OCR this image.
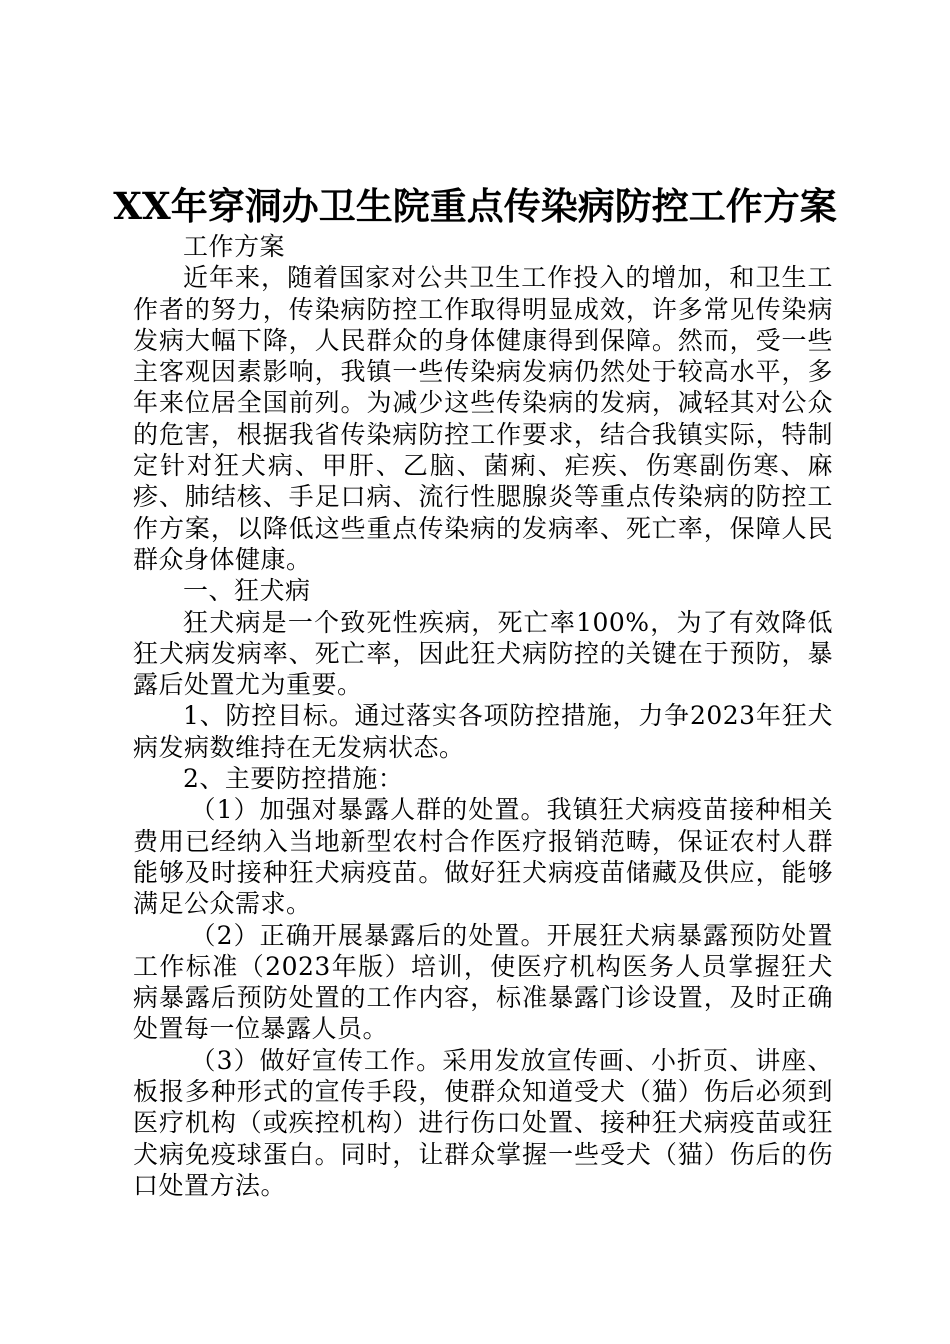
XX年穿洞办卫生院重点传染病防控工作方案

工作方案

近年来，随着国家对公共卫生工作投入的增加，和卫生工作者的努力，传染病防控工作取得明显成效，许多常见传染病发病大幅下降，人民群众的身体健康得到保障。然而，受一些主客观因素影响，我镇一些传染病发病仍然处于较高水平，多年来位居全国前列。为减少这些传染病的发病，减轻其对公众的危害，根据我省传染病防控工作要求，结合我镇实际，特制定针对狂犬病、甲肝、乙脑、菌痢、疟疾、伤寒副伤寒、麻疹、肺结核、手足口病、流行性腮腺炎等重点传染病的防控工作方案，以降低这些重点传染病的发病率、死亡率，保障人民群众身体健康。

一、狂犬病

狂犬病是一个致死性疾病，死亡率100%，为了有效降低狂犬病发病率、死亡率，因此狂犬病防控的关键在于预防，暴露后处置尤为重要。

1、防控目标。通过落实各项防控措施，力争2023年狂犬病发病数维持在无发病状态。

2、主要防控措施：

（1）加强对暴露人群的处置。我镇狂犬病疫苗接种相关费用已经纳入当地新型农村合作医疗报销范畴，保证农村人群能够及时接种狂犬病疫苗。做好狂犬病疫苗储藏及供应，能够满足公众需求。

（2）正确开展暴露后的处置。开展狂犬病暴露预防处置工作标准（2023年版）培训，使医疗机构医务人员掌握狂犬病暴露后预防处置的工作内容，标准暴露门诊设置，及时正确处置每一位暴露人员。

（3）做好宣传工作。采用发放宣传画、小折页、讲座、板报多种形式的宣传手段，使群众知道受犬（猫）伤后必须到医疗机构（或疾控机构）进行伤口处置、接种狂犬病疫苗或狂犬病免疫球蛋白。同时，让群众掌握一些受犬（猫）伤后的伤口处置方法。
